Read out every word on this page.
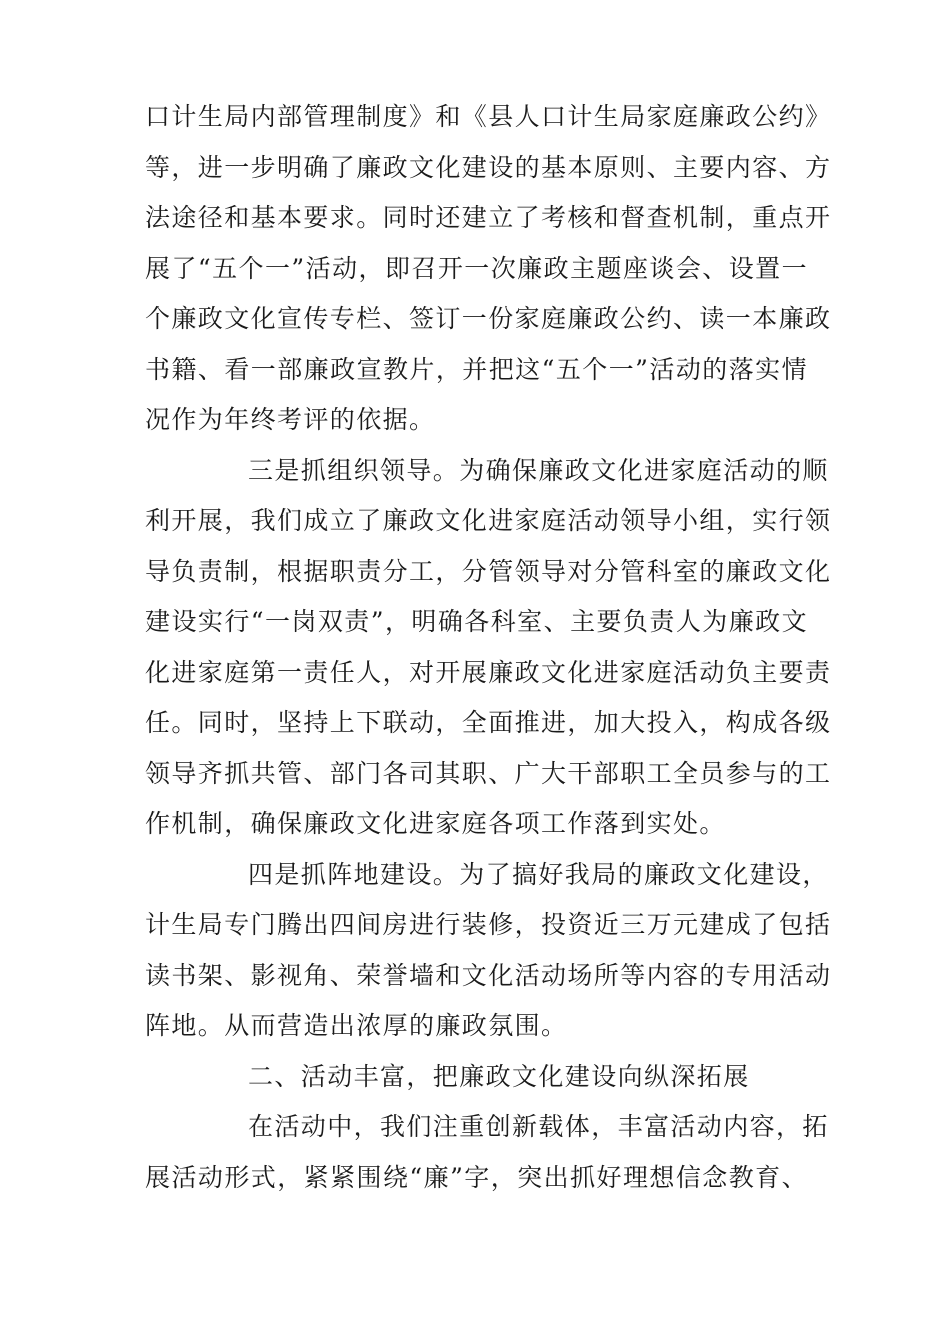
口计生局内部管理制度》和《县人口计生局家庭廉政公约》
等，进一步明确了廉政文化建设的基本原则、主要内容、方
法途径和基本要求。同时还建立了考核和督查机制，重点开
展了“五个一”活动，即召开一次廉政主题座谈会、设置一
个廉政文化宣传专栏、签订一份家庭廉政公约、读一本廉政
书籍、看一部廉政宣教片，并把这“五个一”活动的落实情
况作为年终考评的依据。

三是抓组织领导。为确保廉政文化进家庭活动的顺
利开展，我们成立了廉政文化进家庭活动领导小组，实行领
导负责制，根据职责分工，分管领导对分管科室的廉政文化
建设实行“一岗双责”，明确各科室、主要负责人为廉政文
化进家庭第一责任人，对开展廉政文化进家庭活动负主要责
任。同时，坚持上下联动，全面推进，加大投入，构成各级
领导齐抓共管、部门各司其职、广大干部职工全员参与的工
作机制，确保廉政文化进家庭各项工作落到实处。

四是抓阵地建设。为了搞好我局的廉政文化建设，
计生局专门腾出四间房进行装修，投资近三万元建成了包括
读书架、影视角、荣誉墙和文化活动场所等内容的专用活动
阵地。从而营造出浓厚的廉政氛围。

二、活动丰富，把廉政文化建设向纵深拓展

在活动中，我们注重创新载体，丰富活动内容，拓
展活动形式，紧紧围绕“廉”字，突出抓好理想信念教育、
